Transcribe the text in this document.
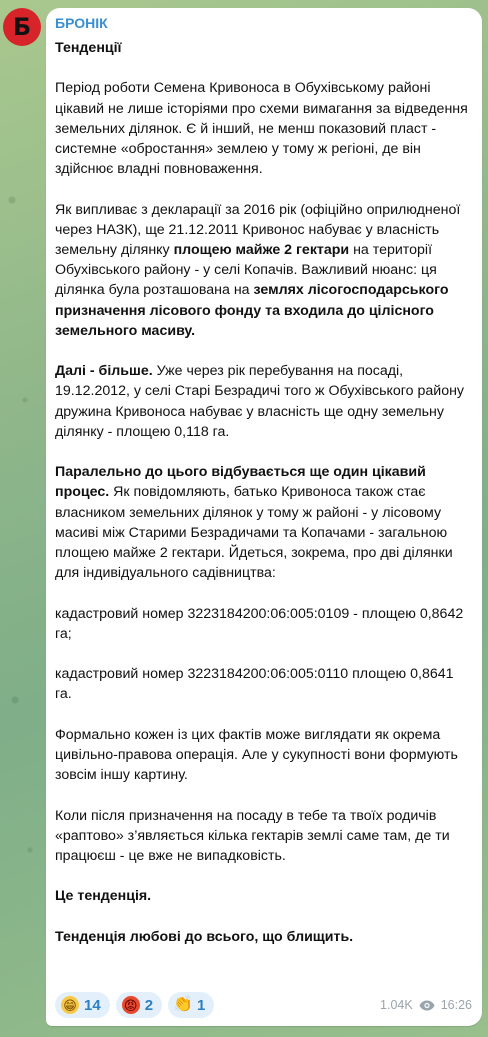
Б БРОНІК

Тенденції

Період роботи Семена Кривоноса в Обухівському районі цікавий не лише історіями про схеми вимагання за відведення земельних ділянок. Є й інший, не менш показовий пласт - системне «обростання» землею у тому ж регіоні, де він здійснює владні повноваження.

Як випливає з декларації за 2016 рік (офіційно оприлюдненої через НАЗК), ще 21.12.2011 Кривонос набуває у власність земельну ділянку площею майже 2 гектари на території Обухівського району - у селі Копачів. Важливий нюанс: ця ділянка була розташована на землях лісогосподарського призначення лісового фонду та входила до цілісного земельного масиву.

Далі - більше. Уже через рік перебування на посаді, 19.12.2012, у селі Старі Безрадичі того ж Обухівського району дружина Кривоноса набуває у власність ще одну земельну ділянку - площею 0,118 га.

Паралельно до цього відбувається ще один цікавий процес. Як повідомляють, батько Кривоноса також стає власником земельних ділянок у тому ж районі - у лісовому масиві між Старими Безрадичами та Копачами - загальною площею майже 2 гектари. Йдеться, зокрема, про дві ділянки для індивідуального садівництва:

кадастровий номер 3223184200:06:005:0109 - площею 0,8642 га;

кадастровий номер 3223184200:06:005:0110 площею 0,8641 га.

Формально кожен із цих фактів може виглядати як окрема цивільно-правова операція. Але у сукупності вони формують зовсім іншу картину.

Коли після призначення на посаду в тебе та твоїх родичів «раптово» з’являється кілька гектарів землі саме там, де ти працюєш - це вже не випадковість.

Це тенденція.

Тенденція любові до всього, що блищить.

😁 14 😡 2 👏 1	1.04K 16:26
